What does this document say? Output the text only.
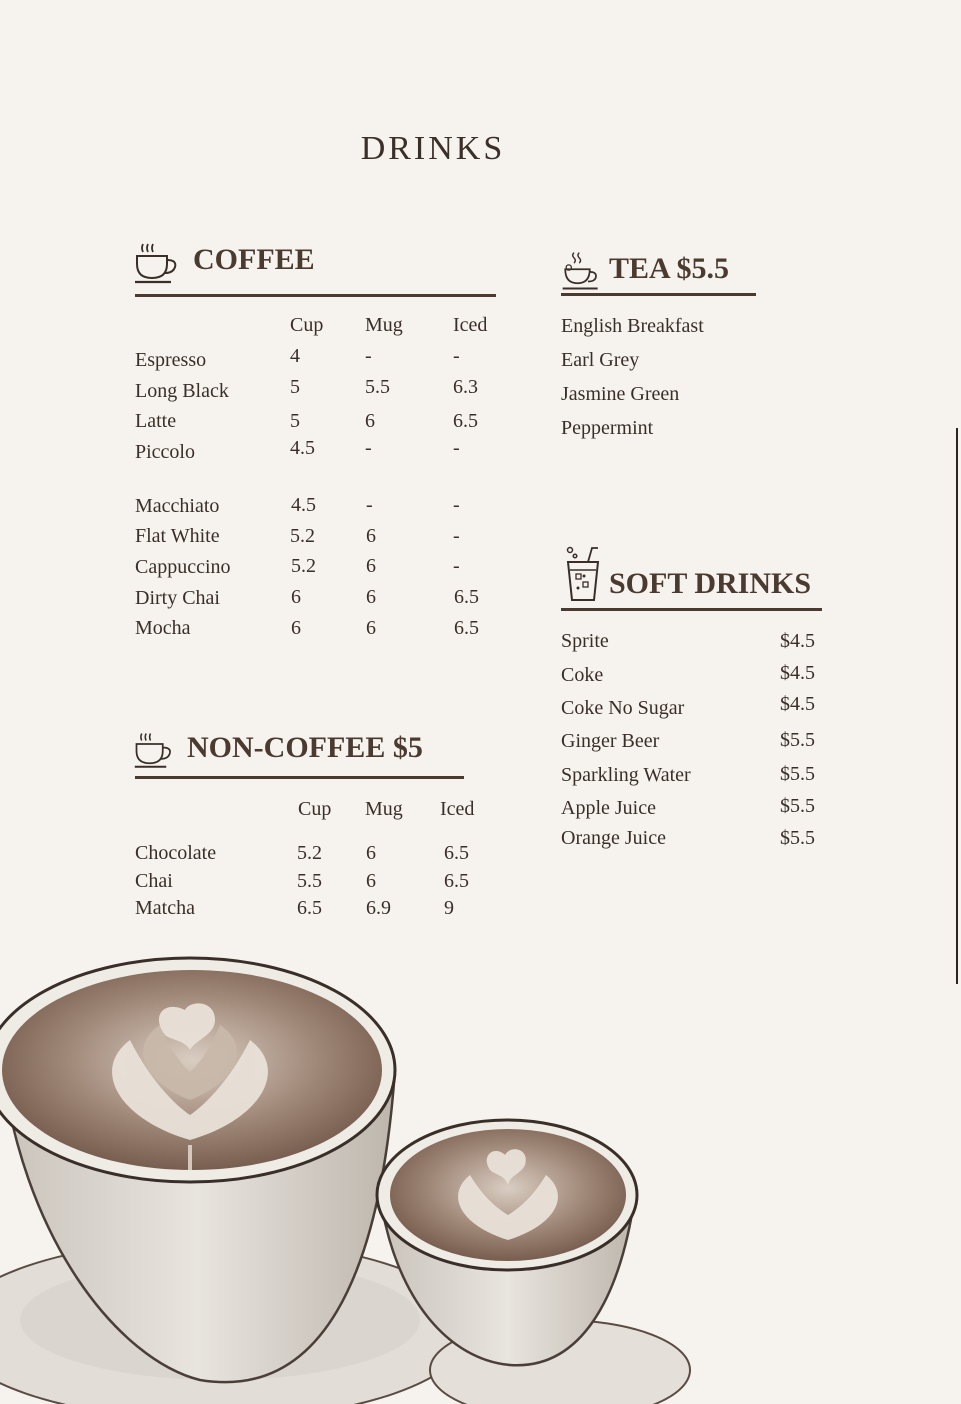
DRINKS
COFFEE
Cup Mug	Iced
Espresso	4	-	-
Long Black	5	5.5	6.3
Latte	5	6	6.5
Piccolo	4.5	-	-
Macchiato	4.5	-	-
Flat White	5.2	6	-
Cappuccino	5.2	6	-
Dirty Chai	6	6	6.5
Mocha	6	6	6.5
NON-COFFEE $5
Cup Mug Iced
Chocolate	5.2 6	6.5
Chai	5.5 6	6.5
Matcha	6.5 6.9	9
TEA $5.5
English Breakfast
Earl Grey
Jasmine Green
Peppermint
SOFT DRINKS
Sprite	$4.5
Coke	$4.5
Coke No Sugar	$4.5
Ginger Beer	$5.5
Sparkling Water	$5.5
Apple Juice	$5.5
Orange Juice	$5.5
